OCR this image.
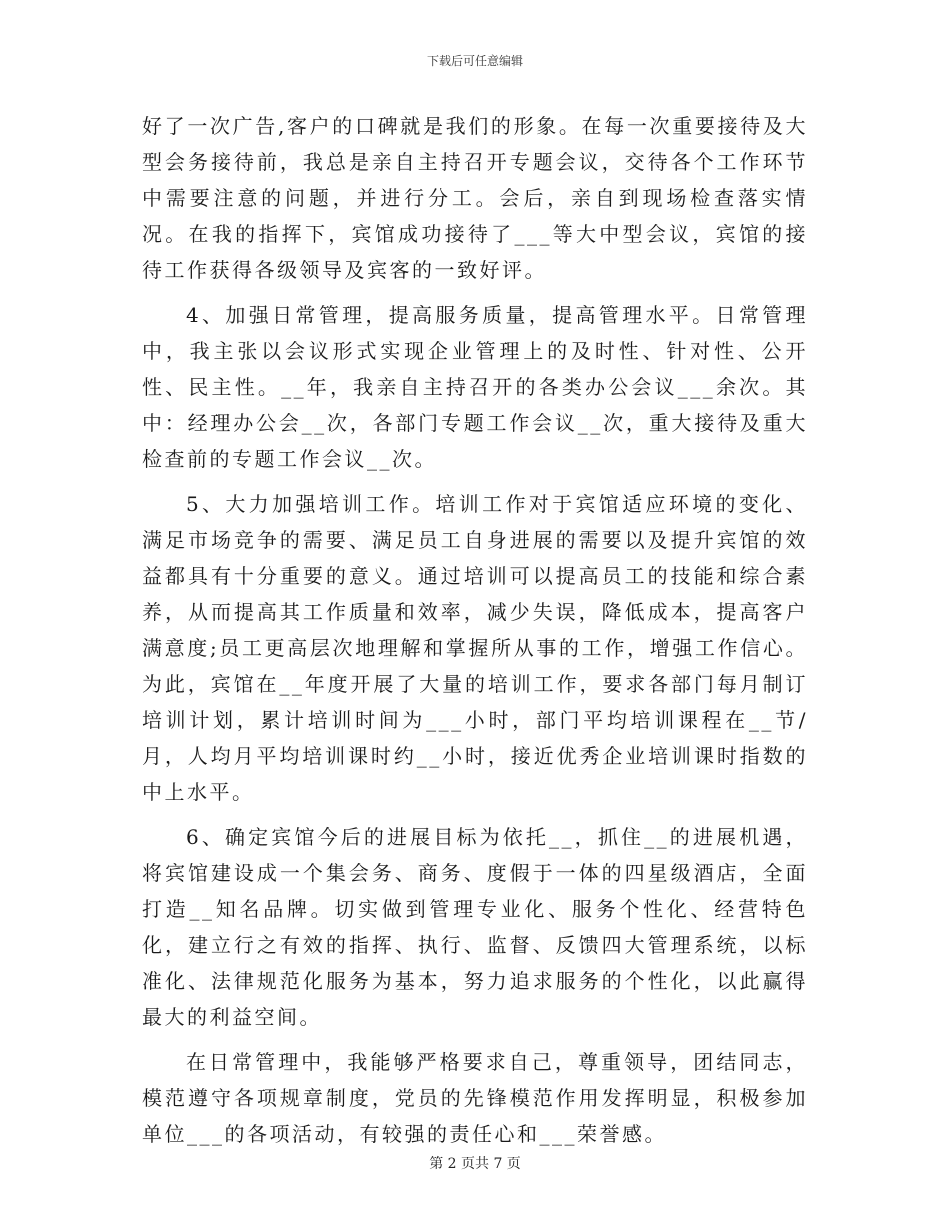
下载后可任意编辑

好了一次广告,客户的口碑就是我们的形象。在每一次重要接待及大型会务接待前，我总是亲自主持召开专题会议，交待各个工作环节中需要注意的问题，并进行分工。会后，亲自到现场检查落实情况。在我的指挥下，宾馆成功接待了___等大中型会议，宾馆的接待工作获得各级领导及宾客的一致好评。

4、加强日常管理，提高服务质量，提高管理水平。日常管理中，我主张以会议形式实现企业管理上的及时性、针对性、公开性、民主性。__年，我亲自主持召开的各类办公会议___余次。其中：经理办公会__次，各部门专题工作会议__次，重大接待及重大检查前的专题工作会议__次。

5、大力加强培训工作。培训工作对于宾馆适应环境的变化、满足市场竞争的需要、满足员工自身进展的需要以及提升宾馆的效益都具有十分重要的意义。通过培训可以提高员工的技能和综合素养，从而提高其工作质量和效率，减少失误，降低成本，提高客户满意度;员工更高层次地理解和掌握所从事的工作，增强工作信心。为此，宾馆在__年度开展了大量的培训工作，要求各部门每月制订培训计划，累计培训时间为___小时，部门平均培训课程在__节/月，人均月平均培训课时约__小时，接近优秀企业培训课时指数的中上水平。

6、确定宾馆今后的进展目标为依托__，抓住__的进展机遇，将宾馆建设成一个集会务、商务、度假于一体的四星级酒店，全面打造__知名品牌。切实做到管理专业化、服务个性化、经营特色化，建立行之有效的指挥、执行、监督、反馈四大管理系统，以标准化、法律规范化服务为基本，努力追求服务的个性化，以此赢得最大的利益空间。

在日常管理中，我能够严格要求自己，尊重领导，团结同志，模范遵守各项规章制度，党员的先锋模范作用发挥明显，积极参加单位___的各项活动，有较强的责任心和___荣誉感。

第 2 页共 7 页
